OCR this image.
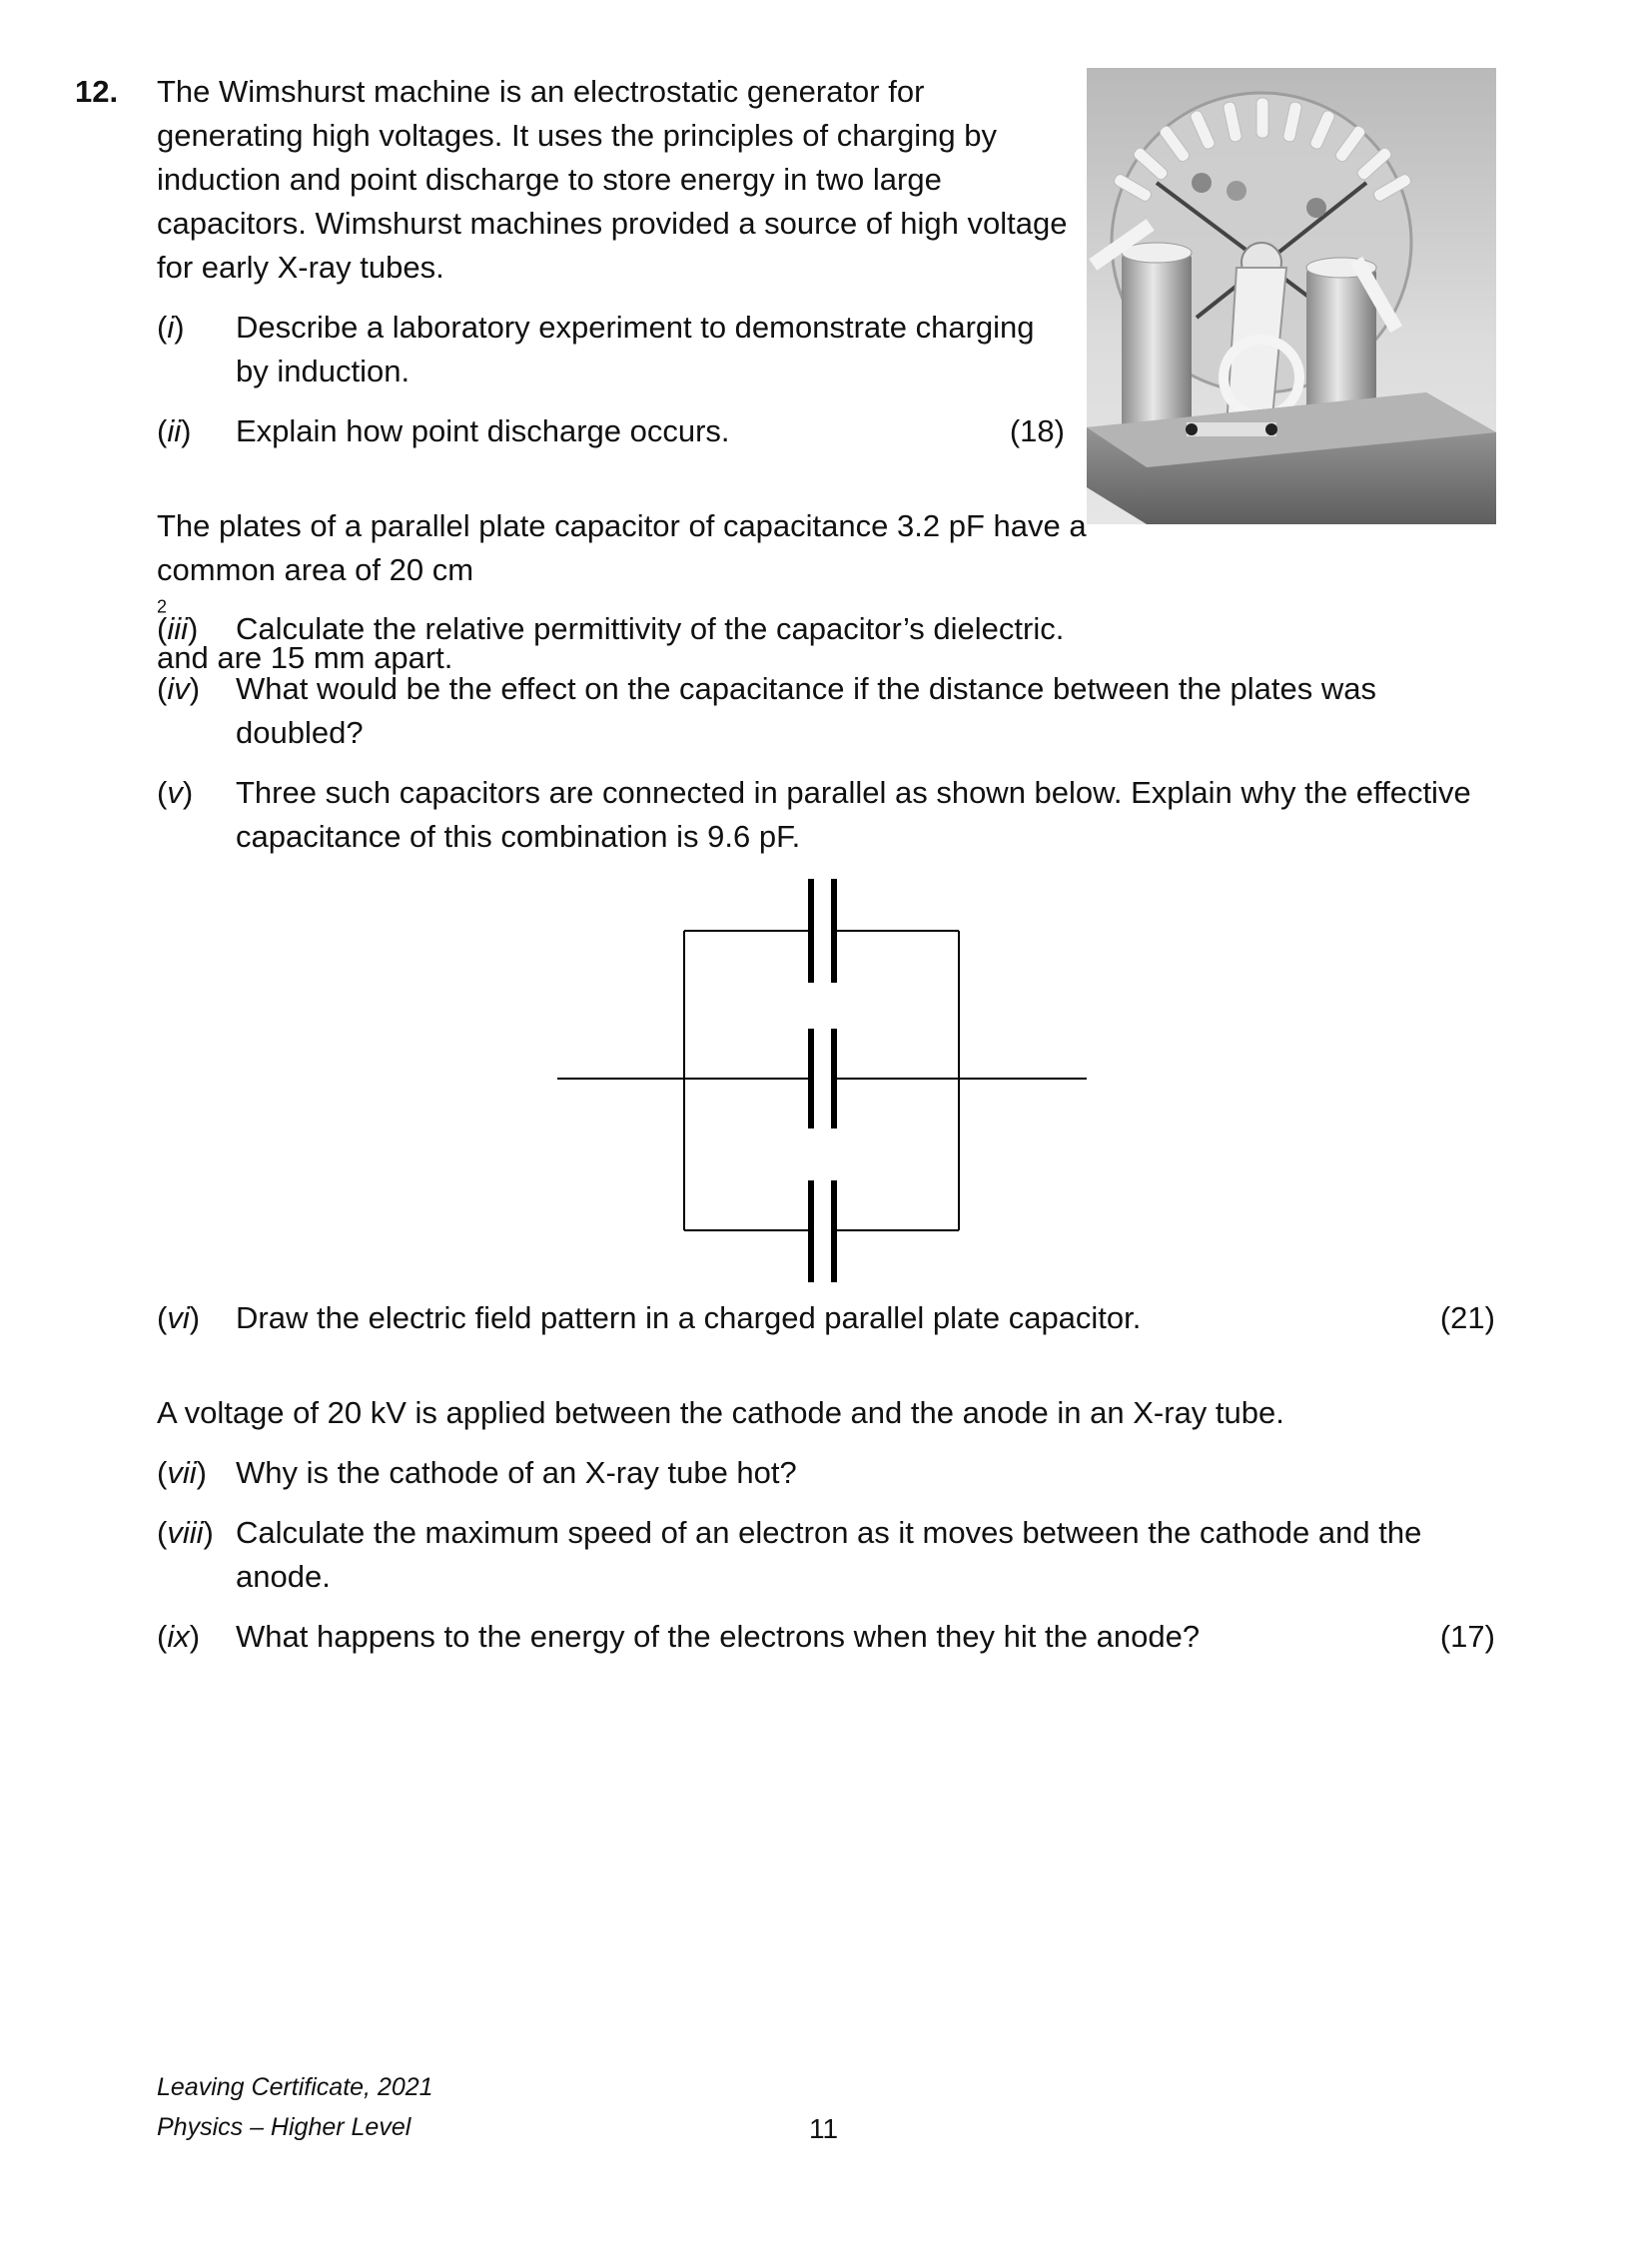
12. The Wimshurst machine is an electrostatic generator for
generating high voltages. It uses the principles of charging by
induction and point discharge to store energy in two large
capacitors. Wimshurst machines provided a source of high voltage
for early X-ray tubes.
(i) Describe a laboratory experiment to demonstrate charging
by induction.
(ii) Explain how point discharge occurs.	(18)
The plates of a parallel plate capacitor of capacitance 3.2 pF have a
common area of 20 cm
$^2$
and are 15 mm apart.
(iii) Calculate the relative permittivity of the capacitor’s dielectric.
(iv) What would be the effect on the capacitance if the distance between the plates was
doubled?
(v) Three such capacitors are connected in parallel as shown below. Explain why the effective
capacitance of this combination is 9.6 pF.
(vi) Draw the electric field pattern in a charged parallel plate capacitor.	(21)
A voltage of 20 kV is applied between the cathode and the anode in an X-ray tube.
(vii) Why is the cathode of an X-ray tube hot?
(viii) Calculate the maximum speed of an electron as it moves between the cathode and the
anode.
(ix) What happens to the energy of the electrons when they hit the anode?	(17)
Leaving Certificate, 2021
Physics – Higher Level	11
